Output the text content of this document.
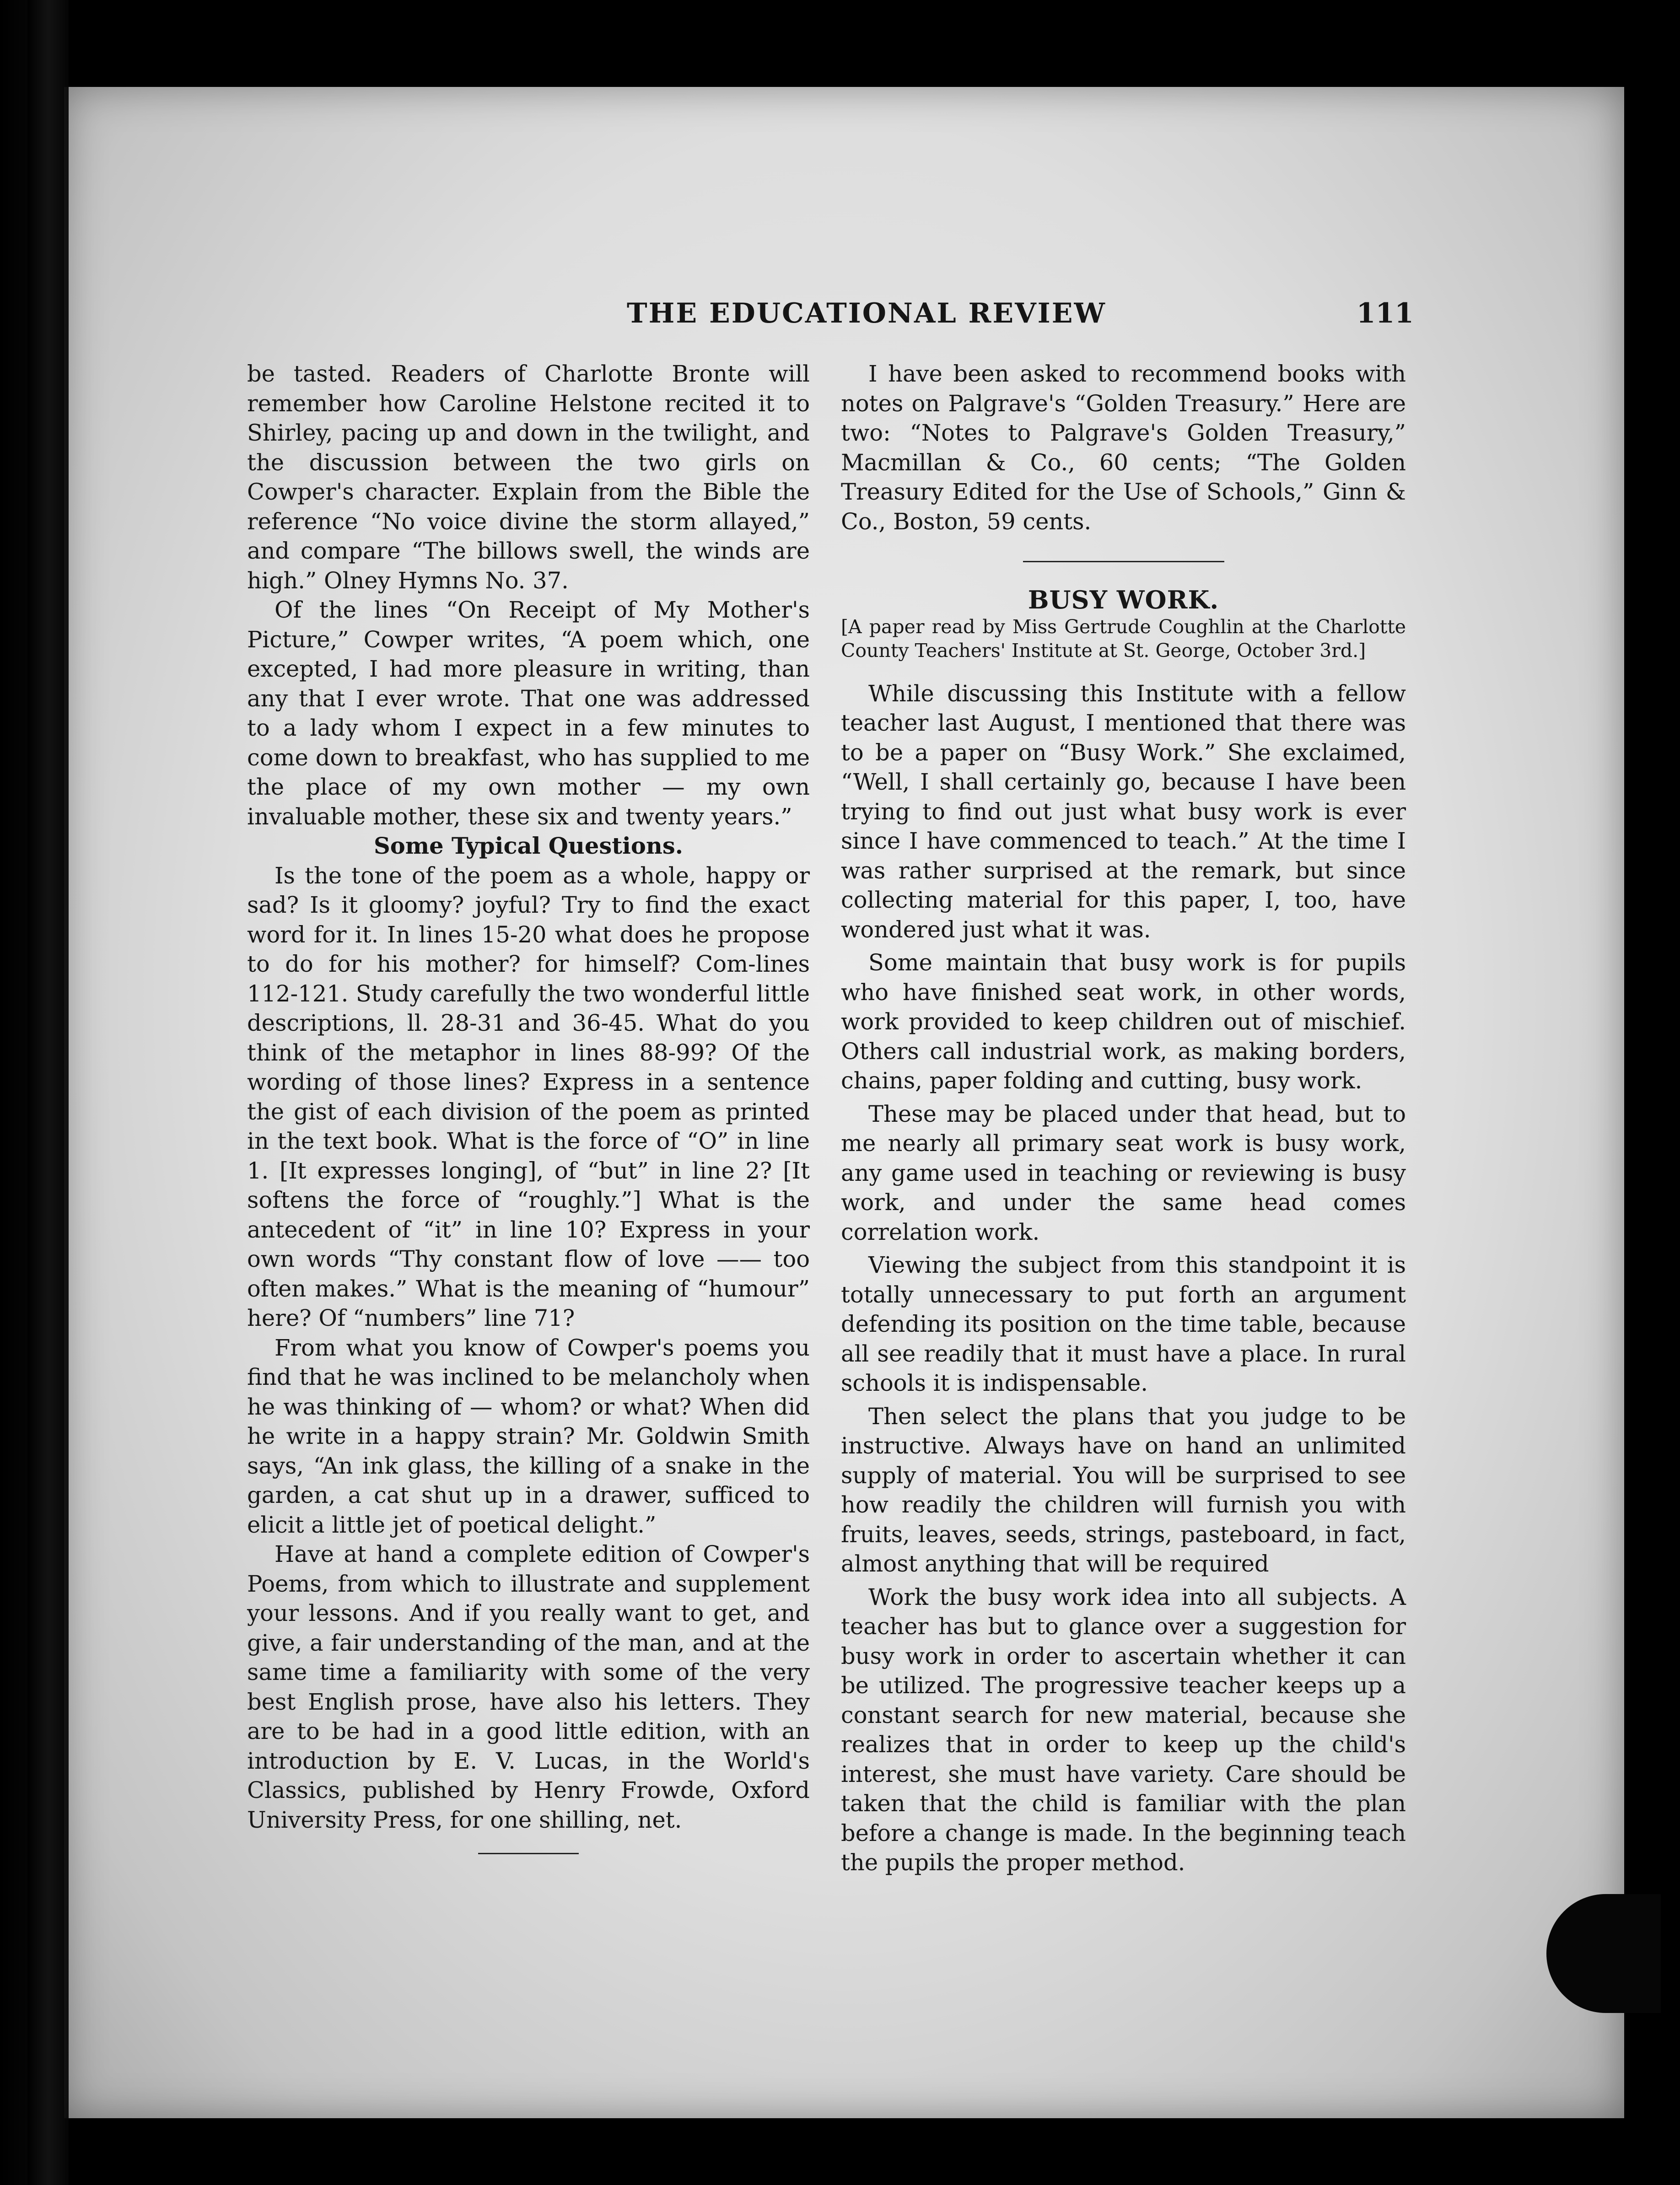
THE EDUCATIONAL REVIEW	111

be tasted. Readers of Charlotte Bronte will remember how Caroline Helstone recited it to Shirley, pacing up and down in the twilight, and the discussion between the two girls on Cowper's character. Explain from the Bible the reference “No voice divine the storm allayed,” and compare “The billows swell, the winds are high.” Olney Hymns No. 37.

Of the lines “On Receipt of My Mother's Picture,” Cowper writes, “A poem which, one excepted, I had more pleasure in writing, than any that I ever wrote. That one was addressed to a lady whom I expect in a few minutes to come down to breakfast, who has supplied to me the place of my own mother — my own invaluable mother, these six and twenty years.”

Some Typical Questions.

Is the tone of the poem as a whole, happy or sad? Is it gloomy? joyful? Try to find the exact word for it. In lines 15-20 what does he propose to do for his mother? for himself? Com-lines 112-121. Study carefully the two wonderful little descriptions, ll. 28-31 and 36-45. What do you think of the metaphor in lines 88-99? Of the wording of those lines? Express in a sentence the gist of each division of the poem as printed in the text book. What is the force of “O” in line 1. [It expresses longing], of “but” in line 2? [It softens the force of “roughly.”] What is the antecedent of “it” in line 10? Express in your own words “Thy constant flow of love —— too often makes.” What is the meaning of “humour” here? Of “numbers” line 71?

From what you know of Cowper's poems you find that he was inclined to be melancholy when he was thinking of — whom? or what? When did he write in a happy strain? Mr. Goldwin Smith says, “An ink glass, the killing of a snake in the garden, a cat shut up in a drawer, sufficed to elicit a little jet of poetical delight.”

Have at hand a complete edition of Cowper's Poems, from which to illustrate and supplement your lessons. And if you really want to get, and give, a fair understanding of the man, and at the same time a familiarity with some of the very best English prose, have also his letters. They are to be had in a good little edition, with an introduction by E. V. Lucas, in the World's Classics, published by Henry Frowde, Oxford University Press, for one shilling, net.

I have been asked to recommend books with notes on Palgrave's “Golden Treasury.” Here are two: “Notes to Palgrave's Golden Treasury,” Macmillan & Co., 60 cents; “The Golden Treasury Edited for the Use of Schools,” Ginn & Co., Boston, 59 cents.

BUSY WORK.

[A paper read by Miss Gertrude Coughlin at the Charlotte County Teachers' Institute at St. George, October 3rd.]

While discussing this Institute with a fellow teacher last August, I mentioned that there was to be a paper on “Busy Work.” She exclaimed, “Well, I shall certainly go, because I have been trying to find out just what busy work is ever since I have commenced to teach.” At the time I was rather surprised at the remark, but since collecting material for this paper, I, too, have wondered just what it was.

Some maintain that busy work is for pupils who have finished seat work, in other words, work provided to keep children out of mischief. Others call industrial work, as making borders, chains, paper folding and cutting, busy work.

These may be placed under that head, but to me nearly all primary seat work is busy work, any game used in teaching or reviewing is busy work, and under the same head comes correlation work.

Viewing the subject from this standpoint it is totally unnecessary to put forth an argument defending its position on the time table, because all see readily that it must have a place. In rural schools it is indispensable.

Then select the plans that you judge to be instructive. Always have on hand an unlimited supply of material. You will be surprised to see how readily the children will furnish you with fruits, leaves, seeds, strings, pasteboard, in fact, almost anything that will be required

Work the busy work idea into all subjects. A teacher has but to glance over a suggestion for busy work in order to ascertain whether it can be utilized. The progressive teacher keeps up a constant search for new material, because she realizes that in order to keep up the child's interest, she must have variety. Care should be taken that the child is familiar with the plan before a change is made. In the beginning teach the pupils the proper method.
